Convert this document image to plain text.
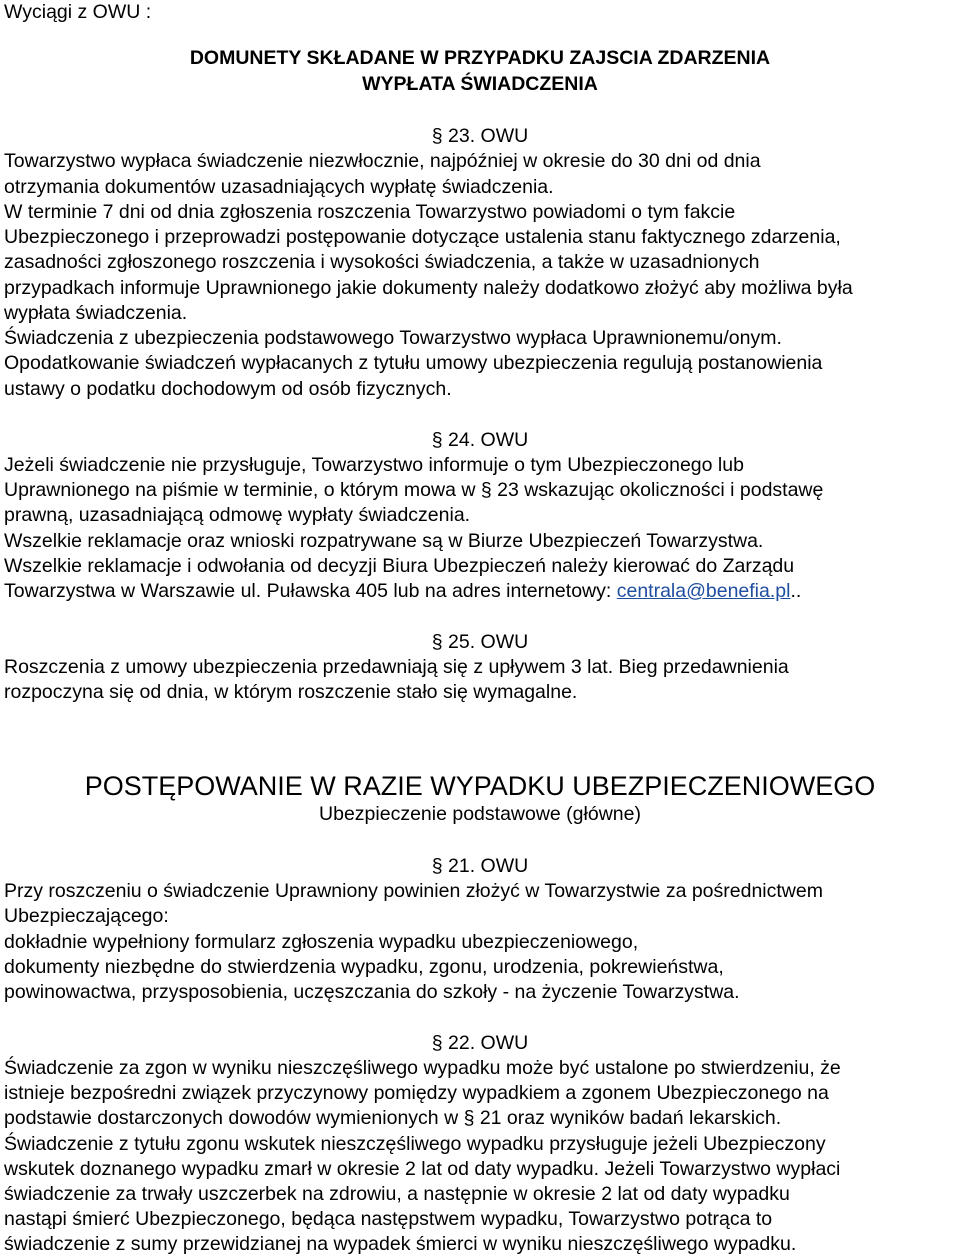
Wyciągi z OWU :
DOMUNETY SKŁADANE W PRZYPADKU ZAJSCIA ZDARZENIA
WYPŁATA ŚWIADCZENIA
§ 23. OWU
Towarzystwo wypłaca świadczenie niezwłocznie, najpóźniej w okresie do 30 dni od dnia
otrzymania dokumentów uzasadniających wypłatę świadczenia.
W terminie 7 dni od dnia zgłoszenia roszczenia Towarzystwo powiadomi o tym fakcie
Ubezpieczonego i przeprowadzi postępowanie dotyczące ustalenia stanu faktycznego zdarzenia,
zasadności zgłoszonego roszczenia i wysokości świadczenia, a także w uzasadnionych
przypadkach informuje Uprawnionego jakie dokumenty należy dodatkowo złożyć aby możliwa była
wypłata świadczenia.
Świadczenia z ubezpieczenia podstawowego Towarzystwo wypłaca Uprawnionemu/onym.
Opodatkowanie świadczeń wypłacanych z tytułu umowy ubezpieczenia regulują postanowienia
ustawy o podatku dochodowym od osób fizycznych.
§ 24. OWU
Jeżeli świadczenie nie przysługuje, Towarzystwo informuje o tym Ubezpieczonego lub
Uprawnionego na piśmie w terminie, o którym mowa w § 23 wskazując okoliczności i podstawę
prawną, uzasadniającą odmowę wypłaty świadczenia.
Wszelkie reklamacje oraz wnioski rozpatrywane są w Biurze Ubezpieczeń Towarzystwa.
Wszelkie reklamacje i odwołania od decyzji Biura Ubezpieczeń należy kierować do Zarządu
Towarzystwa w Warszawie ul. Puławska 405 lub na adres internetowy: centrala@benefia.pl..
§ 25. OWU
Roszczenia z umowy ubezpieczenia przedawniają się z upływem 3 lat. Bieg przedawnienia
rozpoczyna się od dnia, w którym roszczenie stało się wymagalne.
POSTĘPOWANIE W RAZIE WYPADKU UBEZPIECZENIOWEGO
Ubezpieczenie podstawowe (główne)
§ 21. OWU
Przy roszczeniu o świadczenie Uprawniony powinien złożyć w Towarzystwie za pośrednictwem
Ubezpieczającego:
dokładnie wypełniony formularz zgłoszenia wypadku ubezpieczeniowego,
dokumenty niezbędne do stwierdzenia wypadku, zgonu, urodzenia, pokrewieństwa,
powinowactwa, przysposobienia, uczęszczania do szkoły - na życzenie Towarzystwa.
§ 22. OWU
Świadczenie za zgon w wyniku nieszczęśliwego wypadku może być ustalone po stwierdzeniu, że
istnieje bezpośredni związek przyczynowy pomiędzy wypadkiem a zgonem Ubezpieczonego na
podstawie dostarczonych dowodów wymienionych w § 21 oraz wyników badań lekarskich.
Świadczenie z tytułu zgonu wskutek nieszczęśliwego wypadku przysługuje jeżeli Ubezpieczony
wskutek doznanego wypadku zmarł w okresie 2 lat od daty wypadku. Jeżeli Towarzystwo wypłaci
świadczenie za trwały uszczerbek na zdrowiu, a następnie w okresie 2 lat od daty wypadku
nastąpi śmierć Ubezpieczonego, będąca następstwem wypadku, Towarzystwo potrąca to
świadczenie z sumy przewidzianej na wypadek śmierci w wyniku nieszczęśliwego wypadku.
